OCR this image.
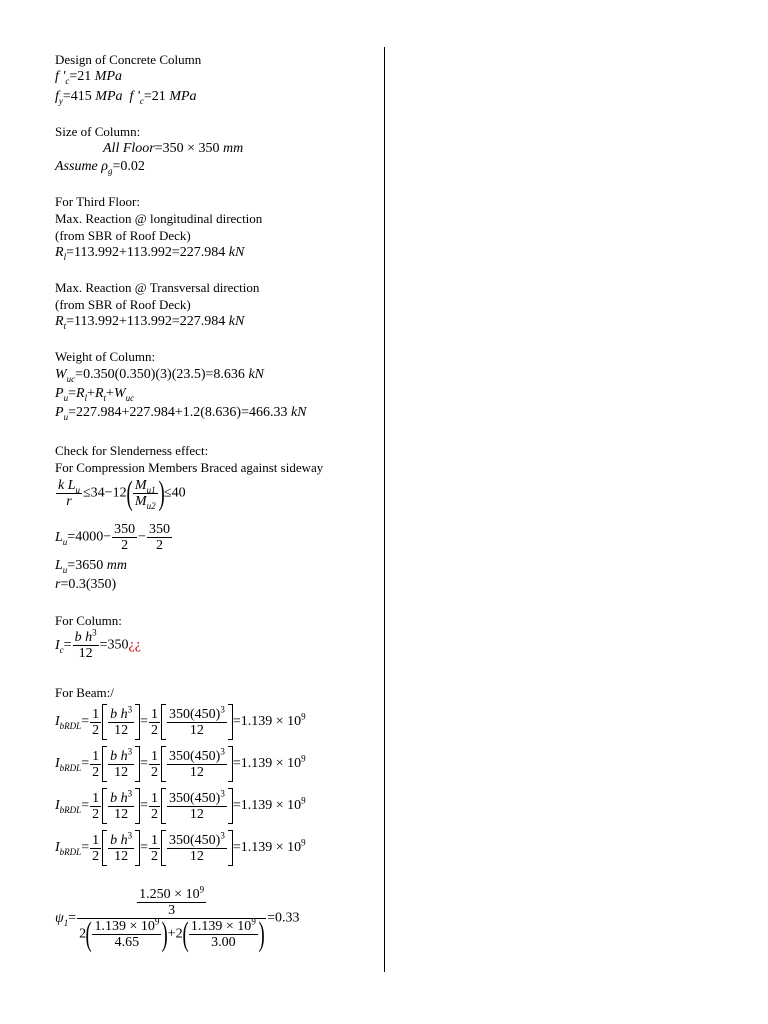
Design of Concrete Column
f '$_c=21$ MPa
$f_y=415$ MPa f '$_c=21$ MPa
Size of Column:
All Floor=350 × 350 mm
Assume $\rho_g=0.02$
For Third Floor:
Max. Reaction @ longitudinal direction
(from SBR of Roof Deck)
$R_l=113.992+113.992=227.984$ kN
Max. Reaction @ Transversal direction
(from SBR of Roof Deck)
$R_t=113.992+113.992=227.984$ kN
Weight of Column:
$W_{uc}=0.350(0.350)(3)(23.5)=8.636$ kN
$P_u=R_l+R_t+W_{uc}$
$P_u=227.984+227.984+1.2(8.636)=466.33$ kN
Check for Slenderness effect:
For Compression Members Braced against sideway
$\frac{k L_u}{r} \le 34-12( \frac{M_{u1}}{M_{u2}} )\le 40$
$L_u=4000- \frac{350}{2} - \frac{350}{2}$
$L_u=3650$ mm
r=0.3(350)
For Column:
$I_c= \frac{b h^3}{12}$ =350¿¿
For Beam:/
$I_{bRDL}= \frac{1}{2} \frac{b h^3}{12} = \frac{1}{2} \frac{350(450)^3}{12} =1.139 \times 10^9$
$I_{bRDL}= \frac{1}{2} \frac{b h^3}{12} = \frac{1}{2} \frac{350(450)^3}{12} =1.139 \times 10^9$
$I_{bRDL}= \frac{1}{2} \frac{b h^3}{12} = \frac{1}{2} \frac{350(450)^3}{12} =1.139 \times 10^9$
$I_{bRDL}= \frac{1}{2} \frac{b h^3}{12} = \frac{1}{2} \frac{350(450)^3}{12} =1.139 \times 10^9$
$\psi_1= \frac{\frac{1.250 \times 10^9}{3}}{2( \frac{1.139 \times 10^9}{4.65} )+2( \frac{1.139 \times 10^9}{3.00} )} =0.33$
